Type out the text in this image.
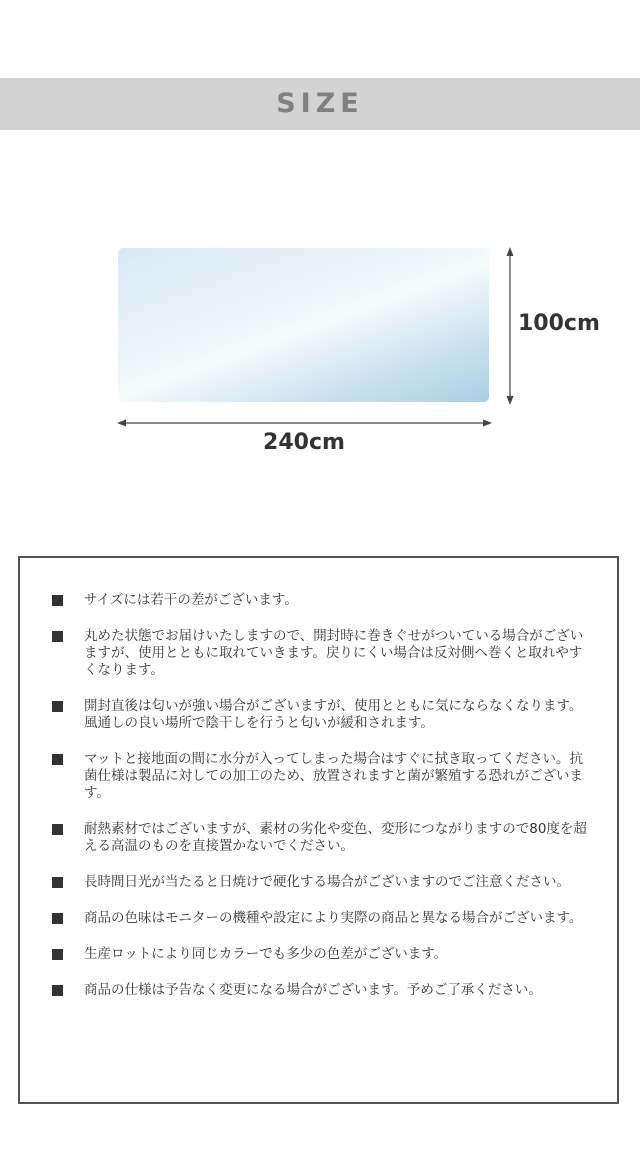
SIZE
100cm
240cm
サイズには若干の差がございます。
丸めた状態でお届けいたしますので、開封時に巻きぐせがついている場合がございますが、使用とともに取れていきます。戻りにくい場合は反対側へ巻くと取れやすくなります。
開封直後は匂いが強い場合がございますが、使用とともに気にならなくなります。風通しの良い場所で陰干しを行うと匂いが緩和されます。
マットと接地面の間に水分が入ってしまった場合はすぐに拭き取ってください。抗菌仕様は製品に対しての加工のため、放置されますと菌が繁殖する恐れがございます。
耐熱素材ではございますが、素材の劣化や変色、変形につながりますので80度を超える高温のものを直接置かないでください。
長時間日光が当たると日焼けで硬化する場合がございますのでご注意ください。
商品の色味はモニターの機種や設定により実際の商品と異なる場合がございます。
生産ロットにより同じカラーでも多少の色差がございます。
商品の仕様は予告なく変更になる場合がございます。予めご了承ください。
